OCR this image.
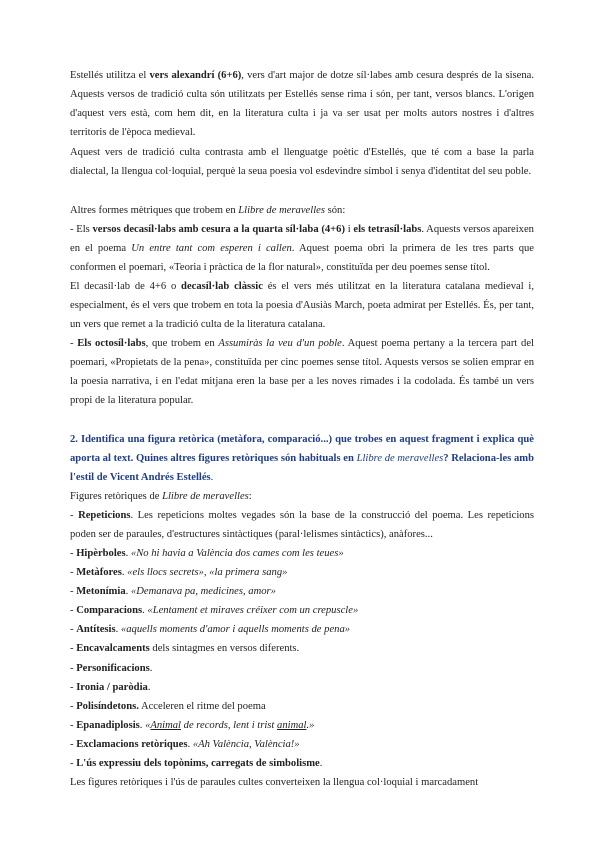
Estellés utilitza el vers alexandrí (6+6), vers d'art major de dotze síl·labes amb cesura després de la sisena. Aquests versos de tradició culta són utilitzats per Estellés sense rima i són, per tant, versos blancs. L'origen d'aquest vers està, com hem dit, en la literatura culta i ja va ser usat per molts autors nostres i d'altres territoris de l'època medieval.

Aquest vers de tradició culta contrasta amb el llenguatge poètic d'Estellés, que té com a base la parla dialectal, la llengua col·loquial, perquè la seua poesia vol esdevindre símbol i senya d'identitat del seu poble.

Altres formes mètriques que trobem en Llibre de meravelles són:

- Els versos decasíl·labs amb cesura a la quarta síl·laba (4+6) i els tetrasíl·labs. Aquests versos apareixen en el poema Un entre tant com esperen i callen. Aquest poema obri la primera de les tres parts que conformen el poemari, «Teoria i pràctica de la flor natural», constituïda per deu poemes sense títol.

El decasíl·lab de 4+6 o decasíl·lab clàssic és el vers més utilitzat en la literatura catalana medieval i, especialment, és el vers que trobem en tota la poesia d'Ausiàs March, poeta admirat per Estellés. És, per tant, un vers que remet a la tradició culta de la literatura catalana.

- Els octosíl·labs, que trobem en Assumiràs la veu d'un poble. Aquest poema pertany a la tercera part del poemari, «Propietats de la pena», constituïda per cinc poemes sense títol. Aquests versos se solien emprar en la poesia narrativa, i en l'edat mitjana eren la base per a les noves rimades i la codolada. És també un vers propi de la literatura popular.

2. Identifica una figura retòrica (metàfora, comparació...) que trobes en aquest fragment i explica què aporta al text. Quines altres figures retòriques són habituals en Llibre de meravelles? Relaciona-les amb l'estil de Vicent Andrés Estellés.

Figures retòriques de Llibre de meravelles:

- Repeticions. Les repeticions moltes vegades són la base de la construcció del poema. Les repeticions poden ser de paraules, d'estructures sintàctiques (paral·lelismes sintàctics), anàfores...

- Hipèrboles. «No hi havia a València dos cames com les teues»
- Metàfores. «els llocs secrets», «la primera sang»
- Metonímia. «Demanava pa, medicines, amor»
- Comparacions. «Lentament et miraves créixer com un crepuscle»
- Antítesis. «aquells moments d'amor i aquells moments de pena»
- Encavalcaments dels sintagmes en versos diferents.
- Personificacions.
- Ironia / paròdia.
- Polisíndetons. Acceleren el ritme del poema
- Epanadiplosis. «Animal de records, lent i trist animal.»
- Exclamacions retòriques. «Ah València, València!»
- L'ús expressiu dels topònims, carregats de simbolisme.
Les figures retòriques i l'ús de paraules cultes converteixen la llengua col·loquial i marcadament
